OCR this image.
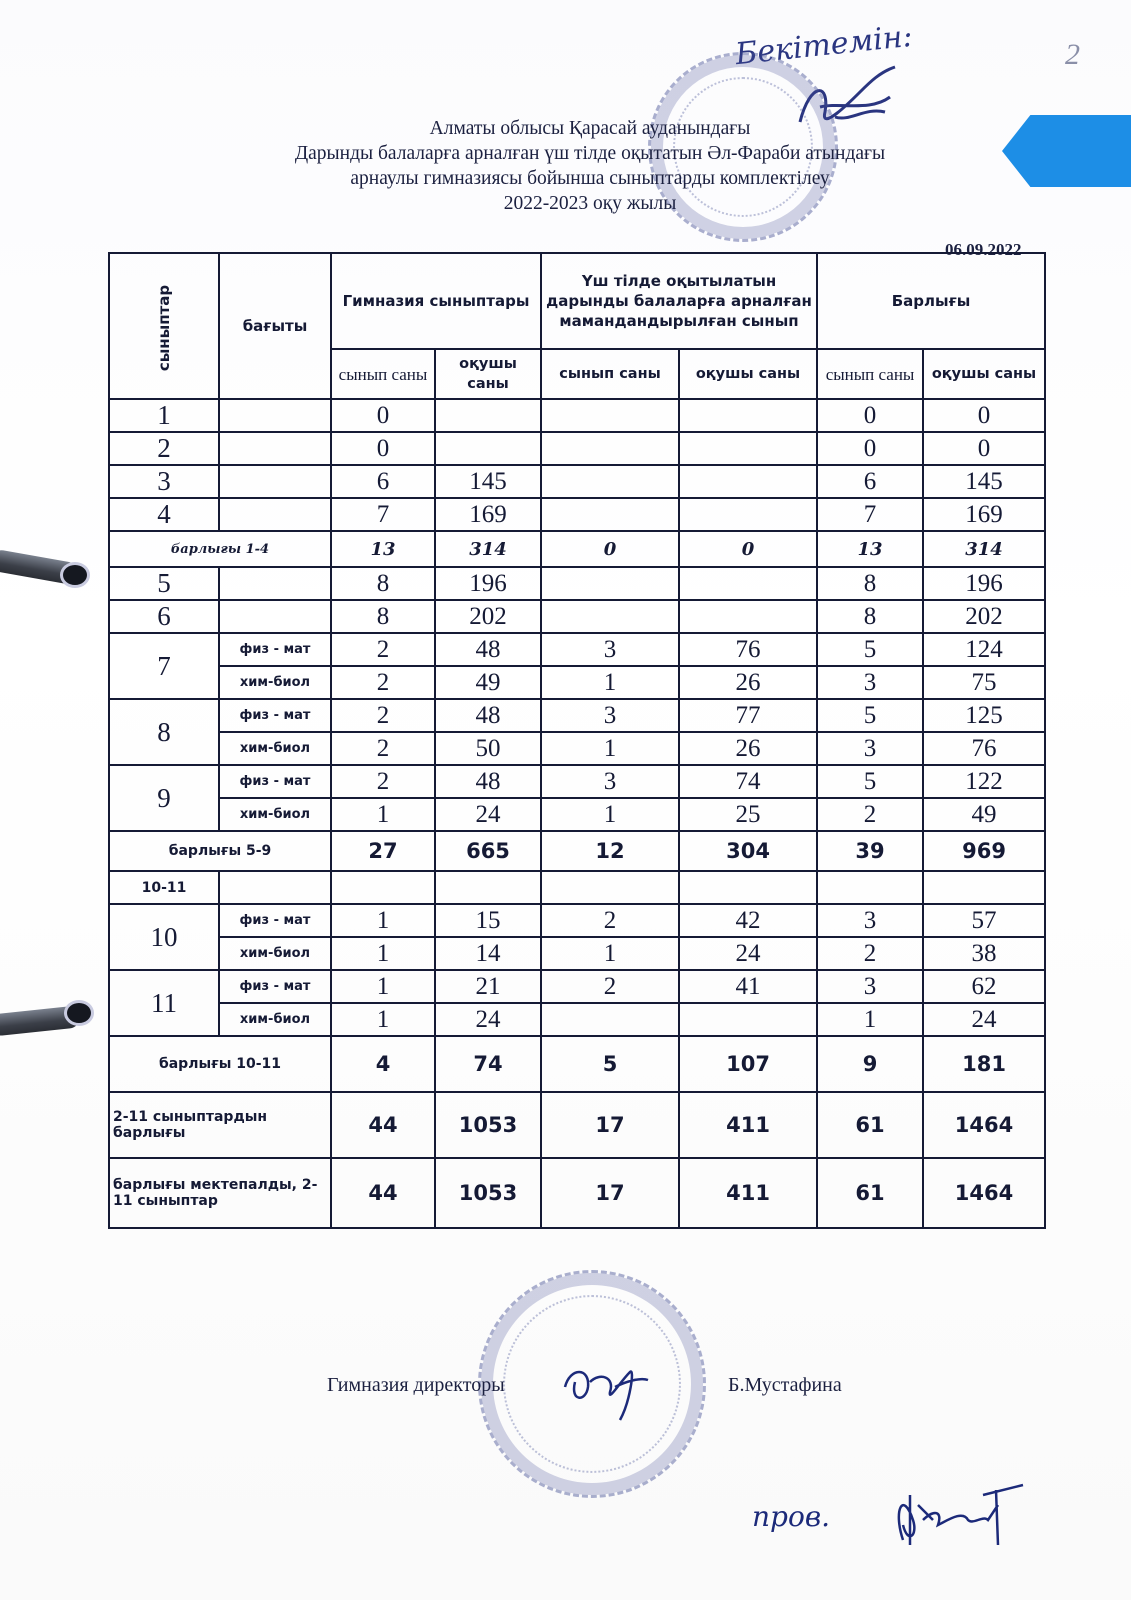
2
Бекітемін:
Алматы облысы Қарасай ауданындағы
Дарынды балаларға арналған үш тілде оқытатын Әл-Фараби атындағы
арнаулы гимназиясы бойынша сыныптарды комплектілеу
2022-2023 оқу жылы
06.09.2022
сыныптар	бағыты	Гимназия сыныптары		Үш тілде оқытылатын дарынды балаларға арналған мамандандырылған сынып		Барлығы	
		сынып саны	оқушы саны	сынып саны	оқушы саны	сынып саны	оқушы саны
1		0				0	0
2		0				0	0
3		6	145			6	145
4		7	169			7	169
барлығы 1-4		13	314	0	0	13	314
5		8	196			8	196
6		8	202			8	202
7	физ - мат	2	48	3	76	5	124
	хим-биол	2	49	1	26	3	75
8	физ - мат	2	48	3	77	5	125
	хим-биол	2	50	1	26	3	76
9	физ - мат	2	48	3	74	5	122
	хим-биол	1	24	1	25	2	49
барлығы 5-9		27	665	12	304	39	969
10-11							
10	физ - мат	1	15	2	42	3	57
	хим-биол	1	14	1	24	2	38
11	физ - мат	1	21	2	41	3	62
	хим-биол	1	24			1	24
барлығы 10-11		4	74	5	107	9	181
2-11 сыныптардын барлығы		44	1053	17	411	61	1464
барлығы мектепалды, 2-11 сыныптар		44	1053	17	411	61	1464
Гимназия директоры	Б.Мустафина
пров.
